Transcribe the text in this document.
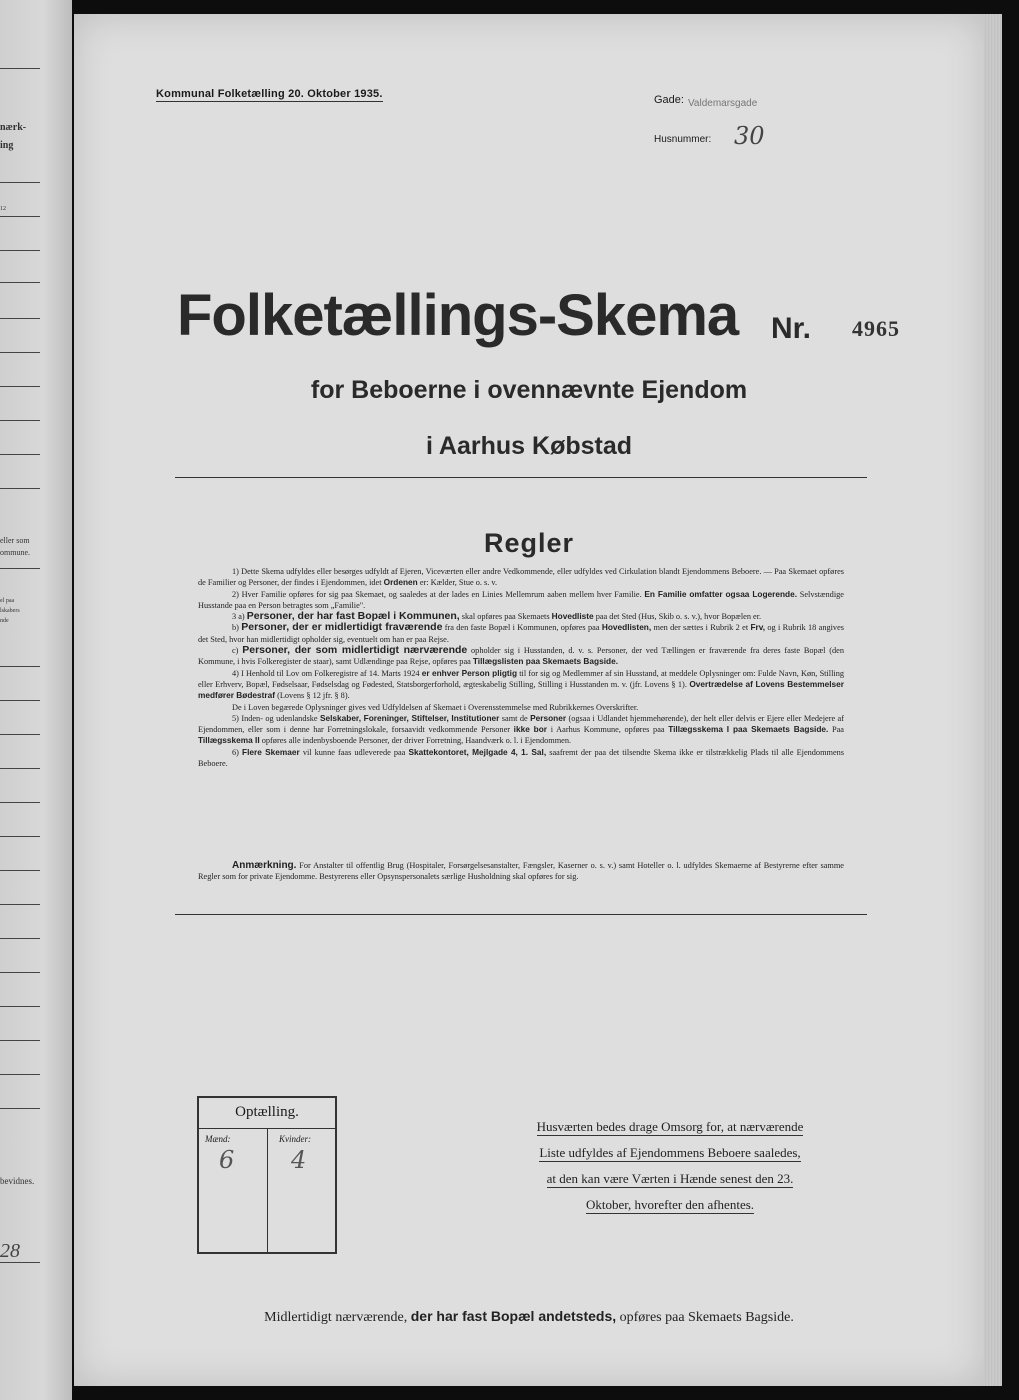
nærk-
ing
12
eller som
ommune.
el paa
lskabers
nde
bevidnes.
28
Kommunal Folketælling 20. Oktober 1935.	Gade: Valdemarsgade
Husnummer: 30
Folketællings-Skema Nr. 4965
for Beboerne i ovennævnte Ejendom
i Aarhus Købstad
Regler

1) Dette Skema udfyldes eller besørges udfyldt af Ejeren, Viceværten eller andre Vedkommende, eller udfyldes ved Cirkulation blandt Ejendommens Beboere. — Paa Skemaet opføres de Familier og Personer, der findes i Ejendommen, idet Ordenen er: Kælder, Stue o. s. v.

2) Hver Familie opføres for sig paa Skemaet, og saaledes at der lades en Linies Mellemrum aaben mellem hver Familie. En Familie omfatter ogsaa Logerende. Selvstændige Husstande paa en Person betragtes som „Familie".

3 a) Personer, der har fast Bopæl i Kommunen, skal opføres paa Skemaets Hovedliste paa det Sted (Hus, Skib o. s. v.), hvor Bopælen er.

b) Personer, der er midlertidigt fraværende fra den faste Bopæl i Kommunen, opføres paa Hovedlisten, men der sættes i Rubrik 2 et Frv, og i Rubrik 18 angives det Sted, hvor han midlertidigt opholder sig, eventuelt om han er paa Rejse.

c) Personer, der som midlertidigt nærværende opholder sig i Husstanden, d. v. s. Personer, der ved Tællingen er fraværende fra deres faste Bopæl (den Kommune, i hvis Folkeregister de staar), samt Udlændinge paa Rejse, opføres paa Tillægslisten paa Skemaets Bagside.

4) I Henhold til Lov om Folkeregistre af 14. Marts 1924 er enhver Person pligtig til for sig og Medlemmer af sin Husstand, at meddele Oplysninger om: Fulde Navn, Køn, Stilling eller Erhverv, Bopæl, Fødselsaar, Fødselsdag og Fødested, Statsborgerforhold, ægteskabelig Stilling, Stilling i Husstanden m. v. (jfr. Lovens § 1). Overtrædelse af Lovens Bestemmelser medfører Bødestraf (Lovens § 12 jfr. § 8).

De i Loven begærede Oplysninger gives ved Udfyldelsen af Skemaet i Overensstemmelse med Rubrikkernes Overskrifter.

5) Inden- og udenlandske Selskaber, Foreninger, Stiftelser, Institutioner samt de Personer (ogsaa i Udlandet hjemmehørende), der helt eller delvis er Ejere eller Medejere af Ejendommen, eller som i denne har Forretningslokale, forsaavidt vedkommende Personer ikke bor i Aarhus Kommune, opføres paa Tillægsskema I paa Skemaets Bagside. Paa Tillægsskema II opføres alle indenbysboende Personer, der driver Forretning, Haandværk o. l. i Ejendommen.

6) Flere Skemaer vil kunne faas udleverede paa Skattekontoret, Mejlgade 4, 1. Sal, saafremt der paa det tilsendte Skema ikke er tilstrækkelig Plads til alle Ejendommens Beboere.

Anmærkning. For Anstalter til offentlig Brug (Hospitaler, Forsørgelsesanstalter, Fængsler, Kaserner o. s. v.) samt Hoteller o. l. udfyldes Skemaerne af Bestyrerne efter samme Regler som for private Ejendomme. Bestyrerens eller Opsynspersonalets særlige Husholdning skal opføres for sig.

Optælling.
Mænd:
6
Kvinder:
4
Husværten bedes drage Omsorg for, at nærværende
Liste udfyldes af Ejendommens Beboere saaledes,
at den kan være Værten i Hænde senest den 23.
Oktober, hvorefter den afhentes.
Midlertidigt nærværende, der har fast Bopæl andetsteds, opføres paa Skemaets Bagside.
